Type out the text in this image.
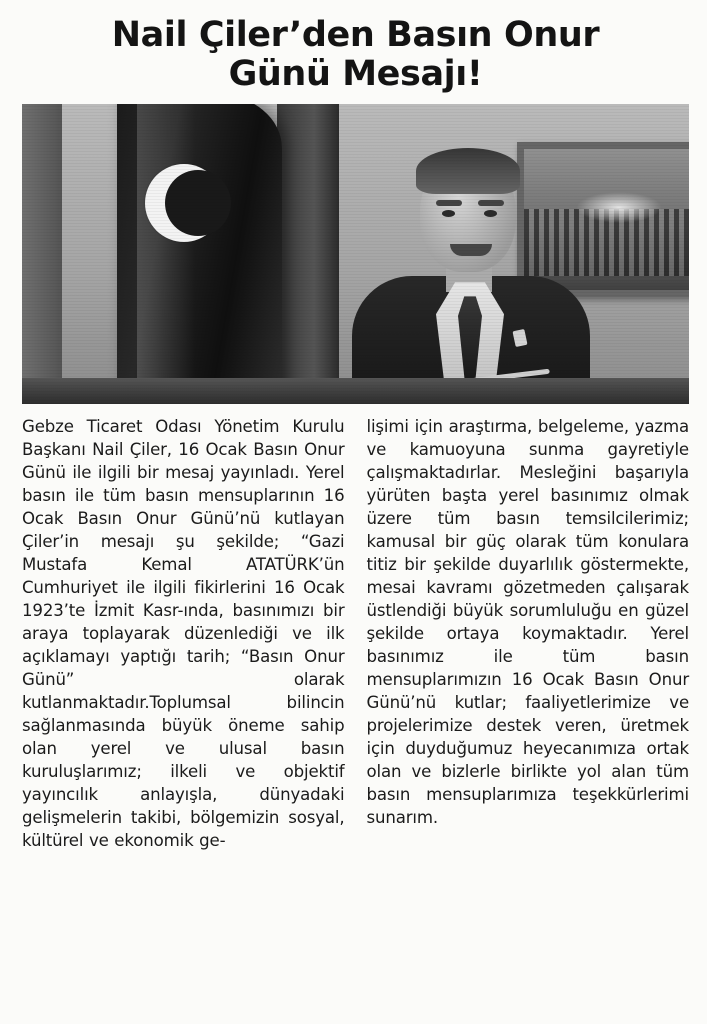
Nail Çiler’den Basın Onur
Günü Mesajı!

Gebze Ticaret Odası Yönetim Kurulu Başkanı Nail Çiler, 16 Ocak Basın Onur Günü ile ilgili bir mesaj yayınladı. Yerel basın ile tüm basın mensuplarının 16 Ocak Basın Onur Günü’nü kutlayan Çiler’in mesajı şu şekilde; “Gazi Mustafa Kemal ATATÜRK’ün Cumhuriyet ile ilgili fikirlerini 16 Ocak 1923’te İzmit Kasr-ında, basınımızı bir araya toplayarak düzenlediği ve ilk açıklamayı yaptığı tarih; “Basın Onur Günü” olarak kutlanmaktadır.Toplumsal bilincin sağlanmasında büyük öneme sahip olan yerel ve ulusal basın kuruluşlarımız; ilkeli ve objektif yayıncılık anlayışla, dünyadaki gelişmelerin takibi, bölgemizin sosyal, kültürel ve ekonomik ge-

lişimi için araştırma, belgeleme, yazma ve kamuoyuna sunma gayretiyle çalışmaktadırlar. Mesleğini başarıyla yürüten başta yerel basınımız olmak üzere tüm basın temsilcilerimiz; kamusal bir güç olarak tüm konulara titiz bir şekilde duyarlılık göstermekte, mesai kavramı gözetmeden çalışarak üstlendiği büyük sorumluluğu en güzel şekilde ortaya koymaktadır. Yerel basınımız ile tüm basın mensuplarımızın 16 Ocak Basın Onur Günü’nü kutlar; faaliyetlerimize ve projelerimize destek veren, üretmek için duyduğumuz heyecanımıza ortak olan ve bizlerle birlikte yol alan tüm basın mensuplarımıza teşekkürlerimi sunarım.
